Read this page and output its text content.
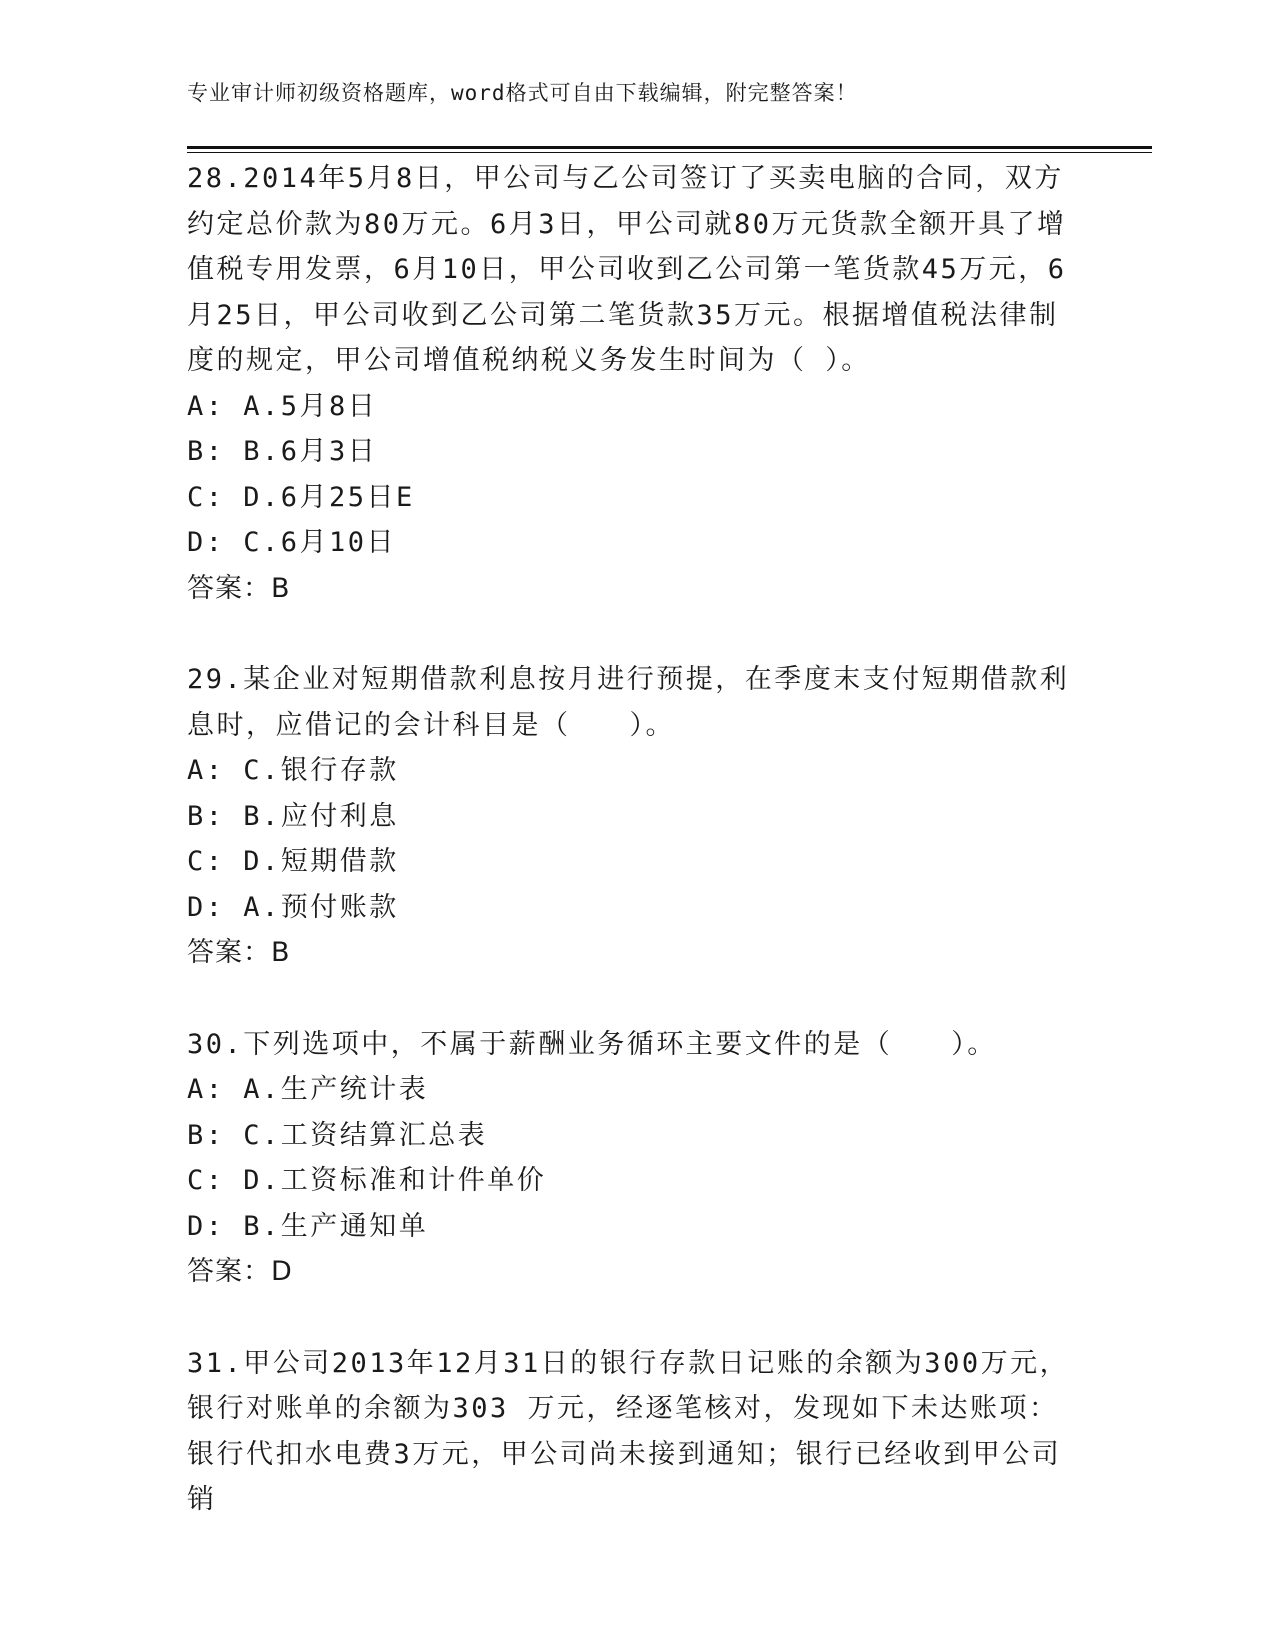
专业审计师初级资格题库，word格式可自由下载编辑，附完整答案！
28.2014年5月8日，甲公司与乙公司签订了买卖电脑的合同，双方约定总价款为80万元。6月3日，甲公司就80万元货款全额开具了增值税专用发票，6月10日，甲公司收到乙公司第一笔货款45万元，6月25日，甲公司收到乙公司第二笔货款35万元。根据增值税法律制度的规定，甲公司增值税纳税义务发生时间为（ ）。
A: A.5月8日
B: B.6月3日
C: D.6月25日E
D: C.6月10日
答案：B
29.某企业对短期借款利息按月进行预提，在季度末支付短期借款利息时，应借记的会计科目是（　　）。
A: C.银行存款
B: B.应付利息
C: D.短期借款
D: A.预付账款
答案：B
30.下列选项中，不属于薪酬业务循环主要文件的是（　　）。
A: A.生产统计表
B: C.工资结算汇总表
C: D.工资标准和计件单价
D: B.生产通知单
答案：D
31.甲公司2013年12月31日的银行存款日记账的余额为300万元，银行对账单的余额为303 万元，经逐笔核对，发现如下未达账项：银行代扣水电费3万元，甲公司尚未接到通知；银行已经收到甲公司销
